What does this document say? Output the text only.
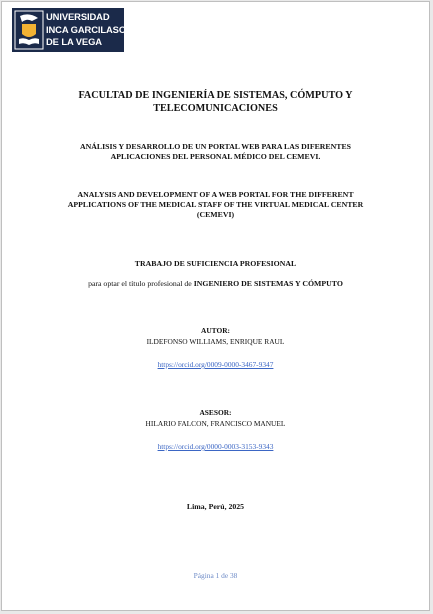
UNIVERSIDAD
INCA GARCILASO
DE LA VEGA
FACULTAD DE INGENIERÍA DE SISTEMAS, CÓMPUTO Y TELECOMUNICACIONES
ANÁLISIS Y DESARROLLO DE UN PORTAL WEB PARA LAS DIFERENTES APLICACIONES DEL PERSONAL MÉDICO DEL CEMEVI.
ANALYSIS AND DEVELOPMENT OF A WEB PORTAL FOR THE DIFFERENT APPLICATIONS OF THE MEDICAL STAFF OF THE VIRTUAL MEDICAL CENTER (CEMEVI)
TRABAJO DE SUFICIENCIA PROFESIONAL
para optar el título profesional de INGENIERO DE SISTEMAS Y CÓMPUTO
AUTOR:
ILDEFONSO WILLIAMS, ENRIQUE RAUL
https://orcid.org/0009-0000-3467-9347
ASESOR:
HILARIO FALCON, FRANCISCO MANUEL
https://orcid.org/0000-0003-3153-9343
Lima, Perú, 2025
Página 1 de 38
